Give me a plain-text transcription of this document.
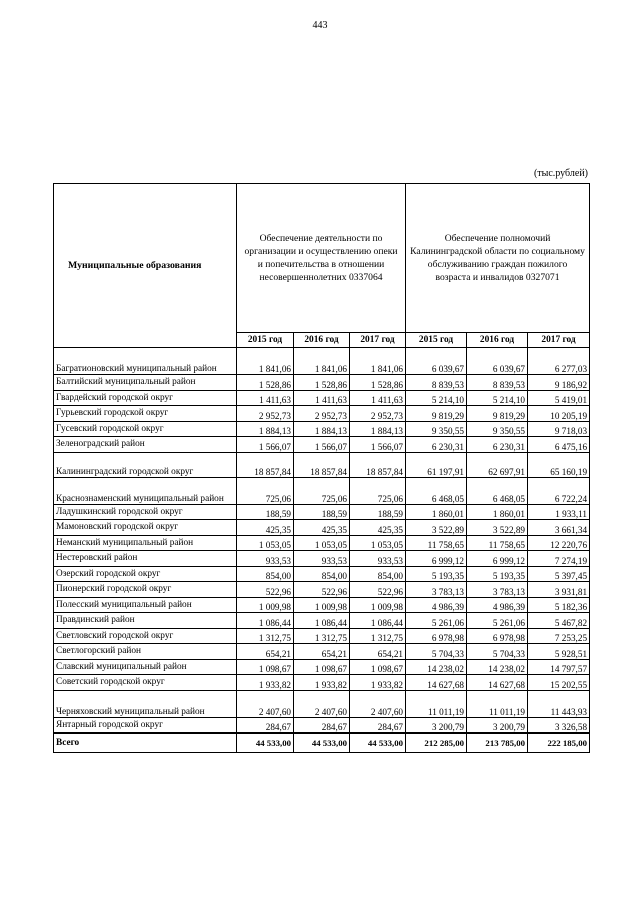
443
(тыс.рублей)
Муниципальные образования	Обеспечение деятельности по организации и осуществлению опеки и попечительства в отношении несовершеннолетних 0337064			Обеспечение полномочий Калининградской области по социальному обслуживанию граждан пожилого возраста и инвалидов 0327071		
	2015 год	2016 год	2017 год	2015 год	2016 год	2017 год
Багратионовский муниципальный район	1 841,06	1 841,06	1 841,06	6 039,67	6 039,67	6 277,03
Балтийский муниципальный район	1 528,86	1 528,86	1 528,86	8 839,53	8 839,53	9 186,92
Гвардейский городской округ	1 411,63	1 411,63	1 411,63	5 214,10	5 214,10	5 419,01
Гурьевский городской округ	2 952,73	2 952,73	2 952,73	9 819,29	9 819,29	10 205,19
Гусевский городской округ	1 884,13	1 884,13	1 884,13	9 350,55	9 350,55	9 718,03
Зеленоградский район	1 566,07	1 566,07	1 566,07	6 230,31	6 230,31	6 475,16
Калининградский городской округ	18 857,84	18 857,84	18 857,84	61 197,91	62 697,91	65 160,19
Краснознаменский муниципальный район	725,06	725,06	725,06	6 468,05	6 468,05	6 722,24
Ладушкинский городской округ	188,59	188,59	188,59	1 860,01	1 860,01	1 933,11
Мамоновский городской округ	425,35	425,35	425,35	3 522,89	3 522,89	3 661,34
Неманский муниципальный район	1 053,05	1 053,05	1 053,05	11 758,65	11 758,65	12 220,76
Нестеровский район	933,53	933,53	933,53	6 999,12	6 999,12	7 274,19
Озерский городской округ	854,00	854,00	854,00	5 193,35	5 193,35	5 397,45
Пионерский городской округ	522,96	522,96	522,96	3 783,13	3 783,13	3 931,81
Полесский муниципальный район	1 009,98	1 009,98	1 009,98	4 986,39	4 986,39	5 182,36
Правдинский район	1 086,44	1 086,44	1 086,44	5 261,06	5 261,06	5 467,82
Светловский городской округ	1 312,75	1 312,75	1 312,75	6 978,98	6 978,98	7 253,25
Светлогорский район	654,21	654,21	654,21	5 704,33	5 704,33	5 928,51
Славский муниципальный район	1 098,67	1 098,67	1 098,67	14 238,02	14 238,02	14 797,57
Советский городской округ	1 933,82	1 933,82	1 933,82	14 627,68	14 627,68	15 202,55
Черняховский муниципальный район	2 407,60	2 407,60	2 407,60	11 011,19	11 011,19	11 443,93
Янтарный городской округ	284,67	284,67	284,67	3 200,79	3 200,79	3 326,58
Всего	44 533,00	44 533,00	44 533,00	212 285,00	213 785,00	222 185,00
